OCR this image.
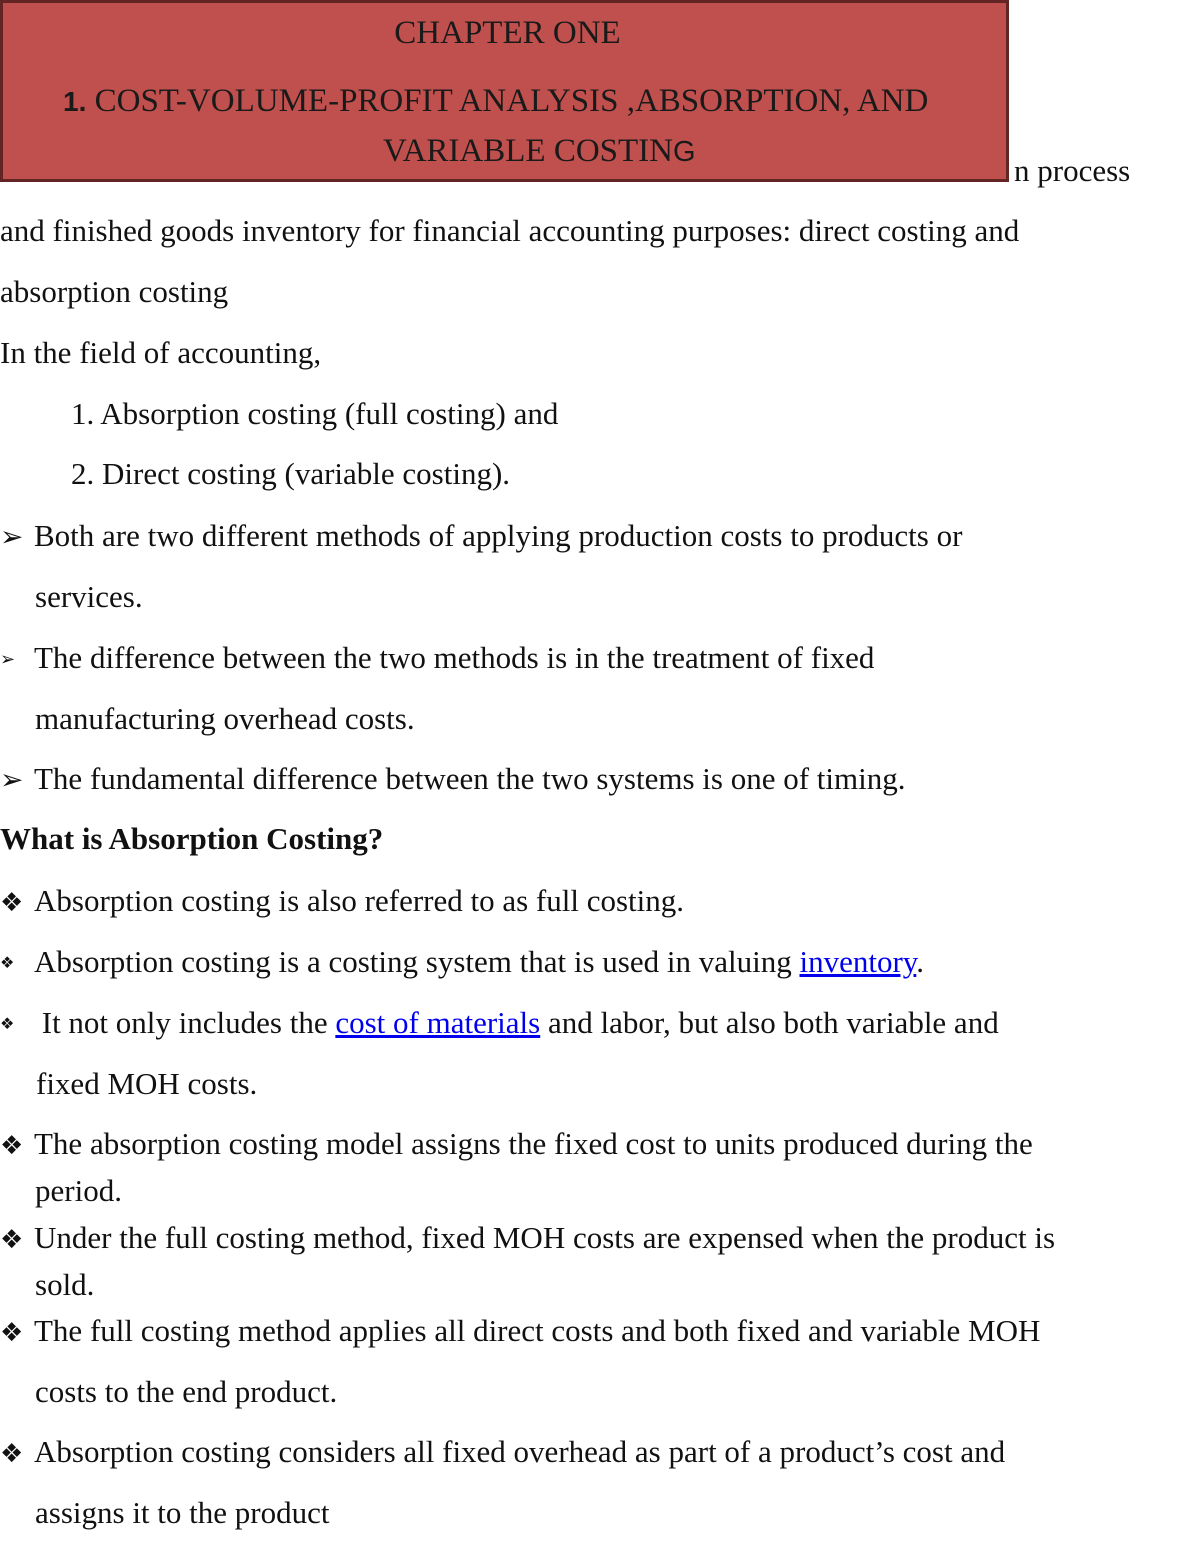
CHAPTER ONE
1. COST-VOLUME-PROFIT ANALYSIS ,ABSORPTION, AND
VARIABLE COSTING
n process
and finished goods inventory for financial accounting purposes: direct costing and
absorption costing
In the field of accounting,
1. Absorption costing (full costing) and
2. Direct costing (variable costing).
➢ Both are two different methods of applying production costs to products or
services.
➢ The difference between the two methods is in the treatment of fixed
manufacturing overhead costs.
➢ The fundamental difference between the two systems is one of timing.
What is Absorption Costing?
❖ Absorption costing is also referred to as full costing.
❖ Absorption costing is a costing system that is used in valuing inventory.
❖ It not only includes the cost of materials and labor, but also both variable and
fixed MOH costs.
❖ The absorption costing model assigns the fixed cost to units produced during the
period.
❖ Under the full costing method, fixed MOH costs are expensed when the product is
sold.
❖ The full costing method applies all direct costs and both fixed and variable MOH
costs to the end product.
❖ Absorption costing considers all fixed overhead as part of a product’s cost and
assigns it to the product
